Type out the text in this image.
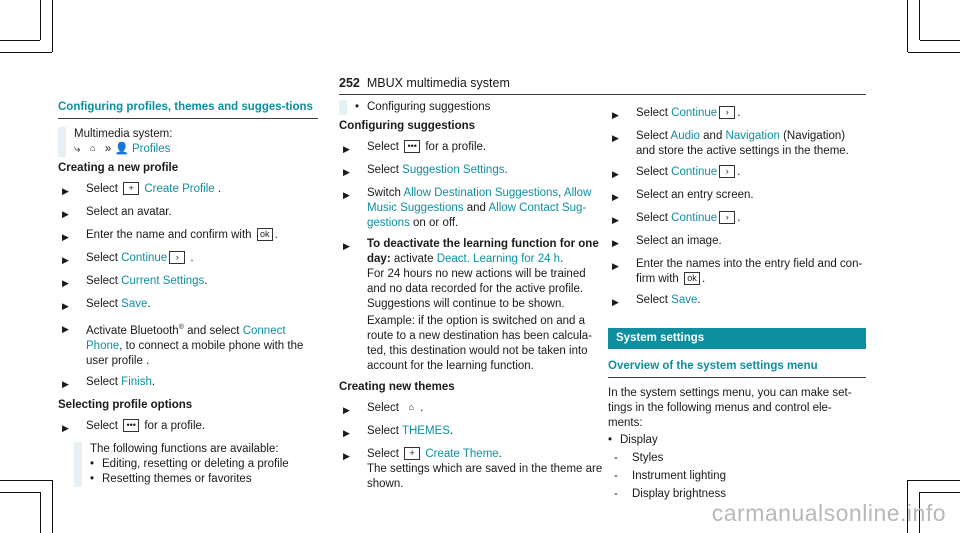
252 MBUX multimedia system
Configuring profiles, themes and sugges-tions
Multimedia system:
⤷ ⌂ » 👤 Profiles
Creating a new profile
▶	Select + Create Profile .
▶	Select an avatar.
▶	Enter the name and confirm with ok .
▶	Select Continue › .
▶	Select Current Settings.
▶	Select Save.
▶	Activate Bluetooth® and select Connect Phone, to connect a mobile phone with the user profile .
▶	Select Finish.
Selecting profile options
▶	Select ••• for a profile.
The following functions are available:
• Editing, resetting or deleting a profile
• Resetting themes or favorites
• Configuring suggestions
Configuring suggestions
▶	Select ••• for a profile.
▶	Select Suggestion Settings.
▶	Switch Allow Destination Suggestions, Allow Music Suggestions and Allow Contact Sug-gestions on or off.
▶	To deactivate the learning function for one day: activate Deact. Learning for 24 h.
For 24 hours no new actions will be trained and no data recorded for the active profile. Suggestions will continue to be shown.
Example: if the option is switched on and a route to a new destination has been calcula-ted, this destination would not be taken into account for the learning function.
Creating new themes
▶	Select ⌂ .
▶	Select THEMES.
▶	Select + Create Theme.
The settings which are saved in the theme are shown.
▶	Select Continue › .
▶	Select Audio and Navigation (Navigation) and store the active settings in the theme.
▶	Select Continue › .
▶	Select an entry screen.
▶	Select Continue › .
▶	Select an image.
▶	Enter the names into the entry field and con-firm with ok .
▶	Select Save.
System settings
Overview of the system settings menu
In the system settings menu, you can make set-tings in the following menus and control ele-ments:
• Display
-	Styles
-	Instrument lighting
-	Display brightness
carmanualsonline.info
